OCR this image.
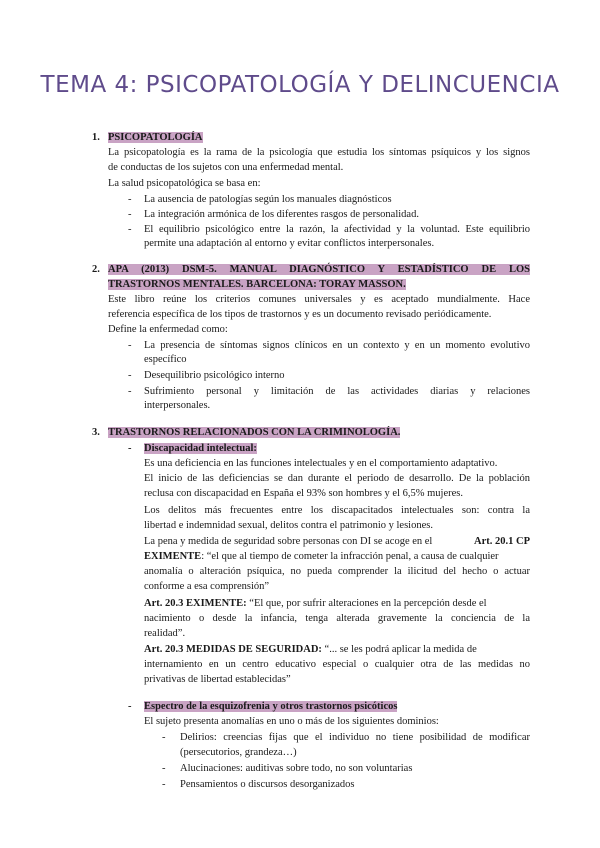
TEMA 4: PSICOPATOLOGÍA Y DELINCUENCIA
1. PSICOPATOLOGÍA
La psicopatología es la rama de la psicología que estudia los síntomas psíquicos y los signos
de conductas de los sujetos con una enfermedad mental.
La salud psicopatológica se basa en:
- La ausencia de patologías según los manuales diagnósticos
- La integración armónica de los diferentes rasgos de personalidad.
- El equilibrio psicológico entre la razón, la afectividad y la voluntad. Este equilibrio
permite una adaptación al entorno y evitar conflictos interpersonales.
2. APA (2013) DSM-5. MANUAL DIAGNÓSTICO Y ESTADÍSTICO DE LOS
TRASTORNOS MENTALES. BARCELONA: TORAY MASSON.
Este libro reúne los criterios comunes universales y es aceptado mundialmente. Hace
referencia específica de los tipos de trastornos y es un documento revisado periódicamente.
Define la enfermedad como:
- La presencia de síntomas signos clínicos en un contexto y en un momento evolutivo
específico
- Desequilibrio psicológico interno
- Sufrimiento personal y limitación de las actividades diarias y relaciones
interpersonales.
3. TRASTORNOS RELACIONADOS CON LA CRIMINOLOGÍA.
- Discapacidad intelectual:
Es una deficiencia en las funciones intelectuales y en el comportamiento adaptativo.
El inicio de las deficiencias se dan durante el periodo de desarrollo. De la población
reclusa con discapacidad en España el 93% son hombres y el 6,5% mujeres.
Los delitos más frecuentes entre los discapacitados intelectuales son: contra la
libertad e indemnidad sexual, delitos contra el patrimonio y lesiones.
La pena y medida de seguridad sobre personas con DI se acoge en el	Art. 20.1 CP
EXIMENTE: “el que al tiempo de cometer la infracción penal, a causa de cualquier
anomalía o alteración psíquica, no pueda comprender la ilicitud del hecho o actuar
conforme a esa comprensión”
Art. 20.3 EXIMENTE: “El que, por sufrir alteraciones en la percepción desde el
nacimiento o desde la infancia, tenga alterada gravemente la conciencia de la
realidad”.
Art. 20.3 MEDIDAS DE SEGURIDAD: “... se les podrá aplicar la medida de
internamiento en un centro educativo especial o cualquier otra de las medidas no
privativas de libertad establecidas”
- Espectro de la esquizofrenia y otros trastornos psicóticos
El sujeto presenta anomalías en uno o más de los siguientes dominios:
- Delirios: creencias fijas que el individuo no tiene posibilidad de modificar
(persecutorios, grandeza…)
- Alucinaciones: auditivas sobre todo, no son voluntarias
- Pensamientos o discursos desorganizados
